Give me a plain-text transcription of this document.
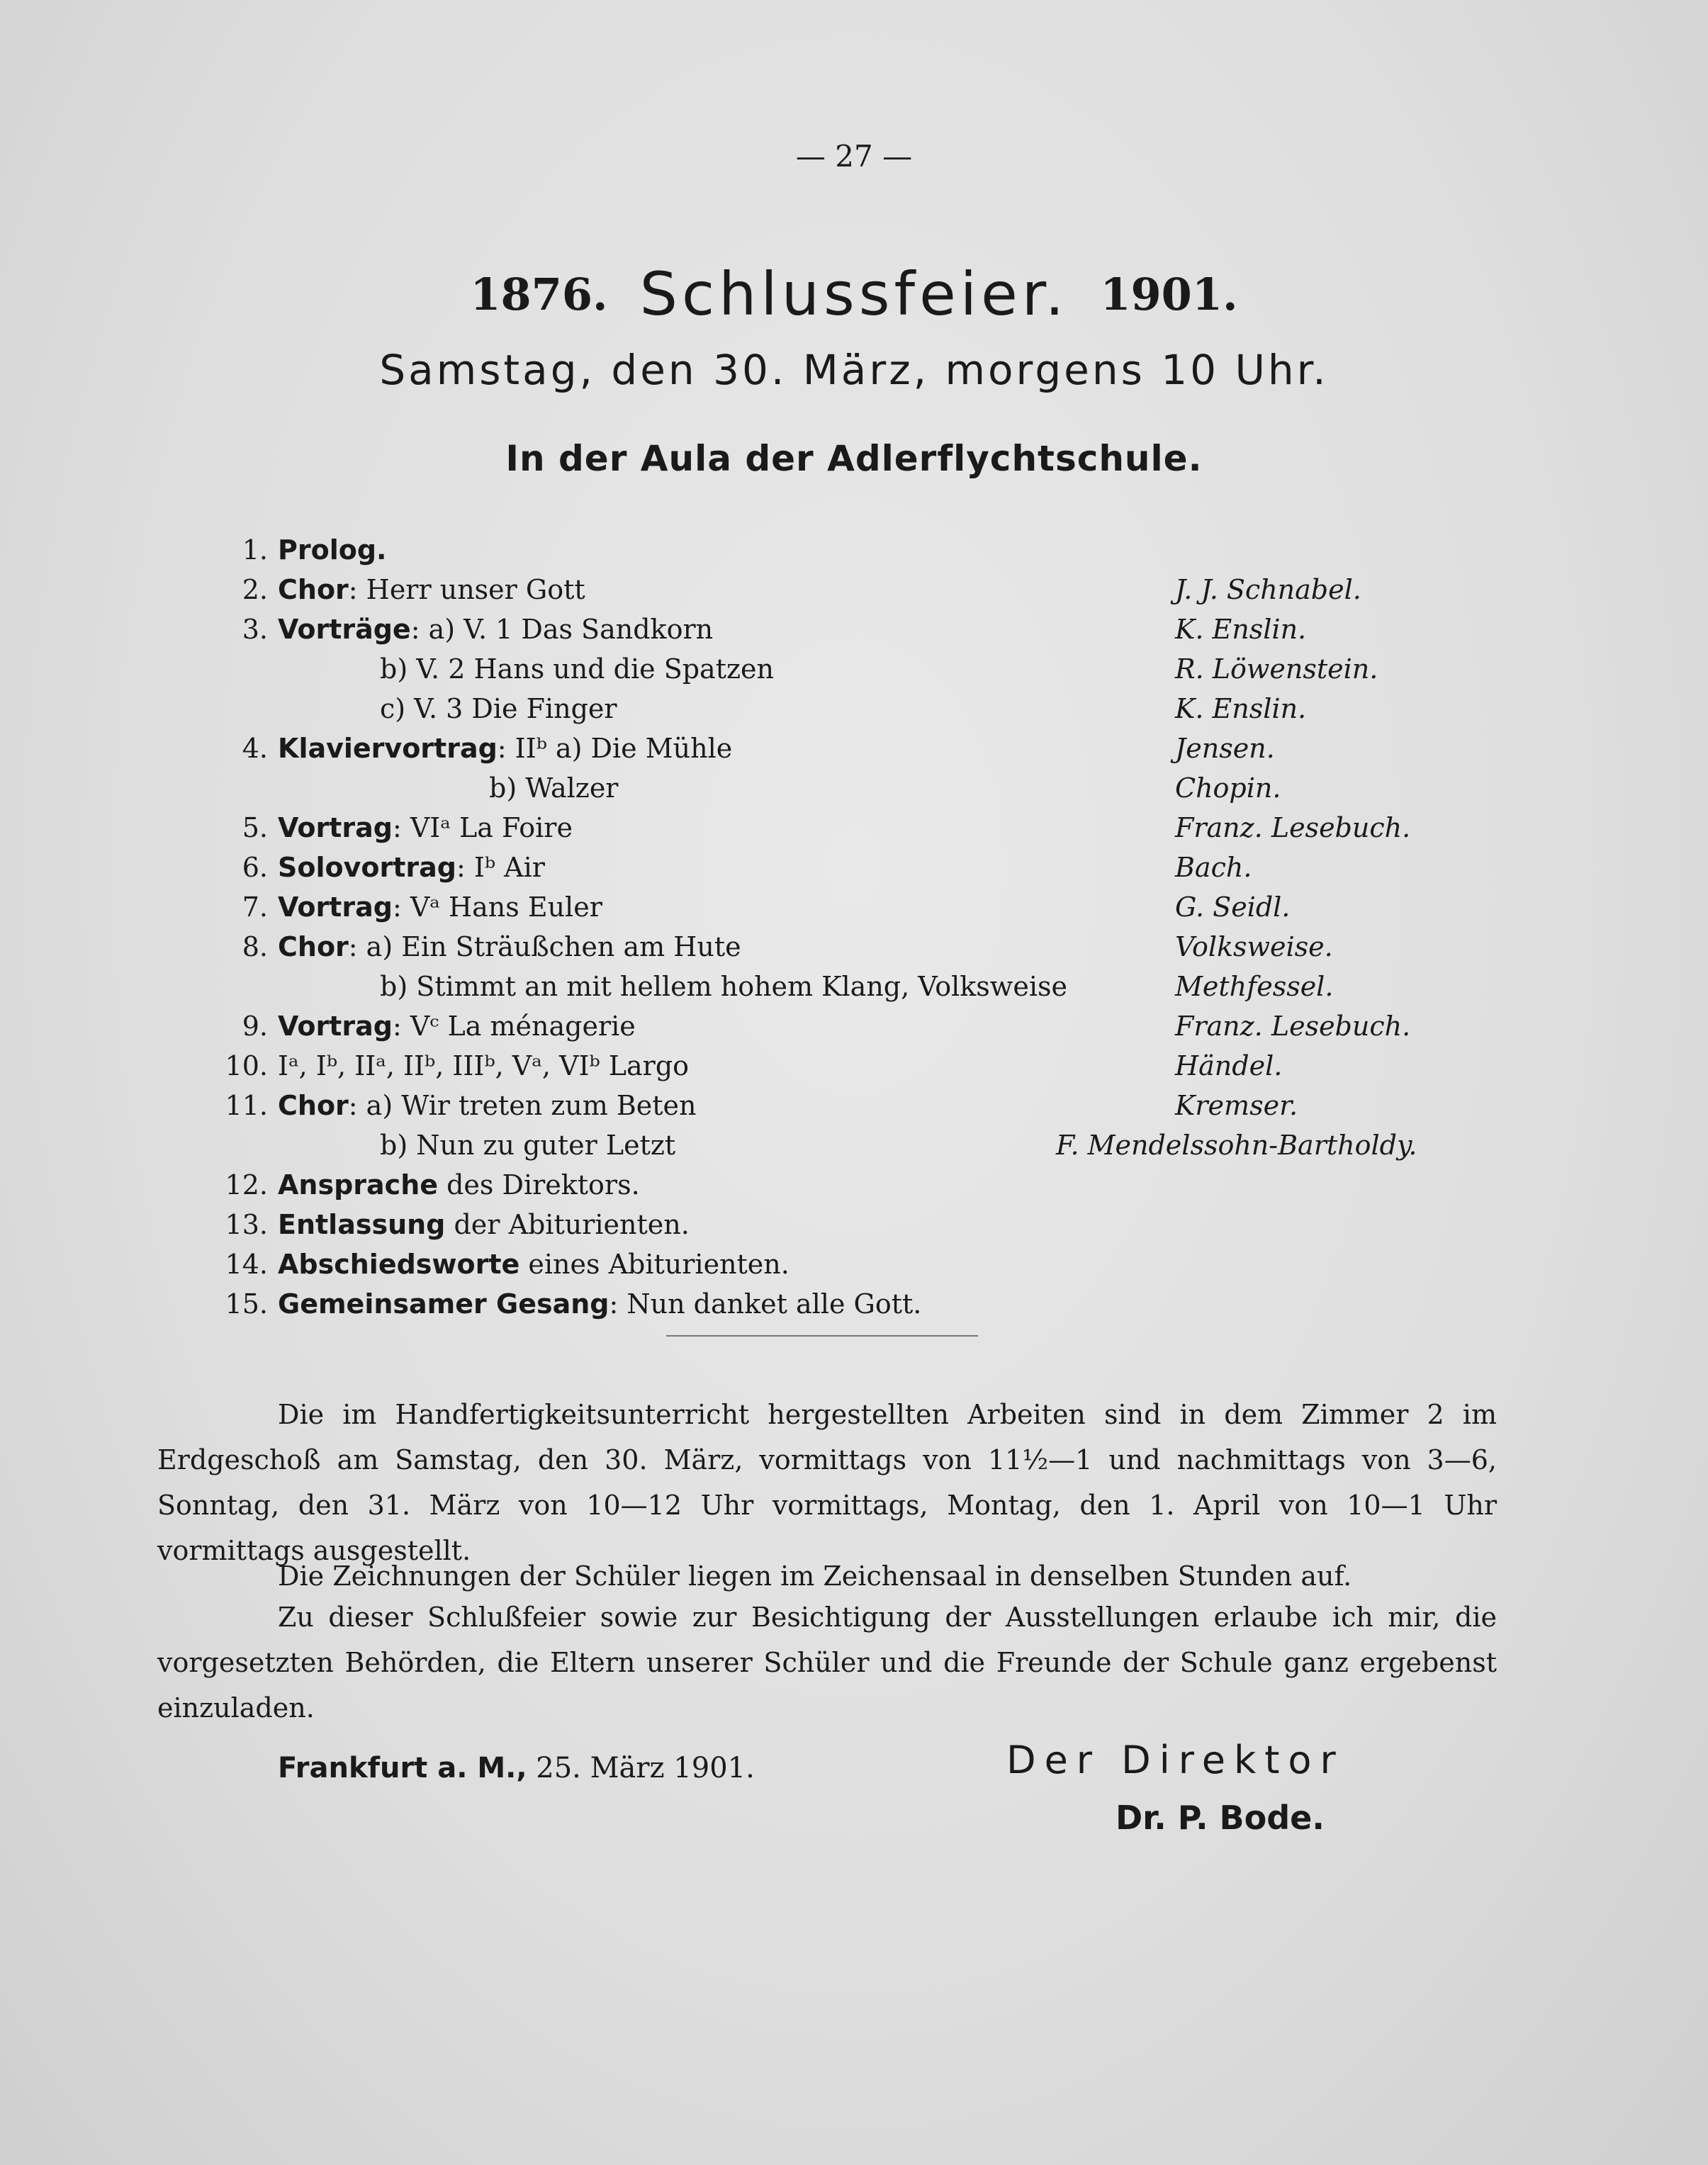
— 27 —
1876. Schlussfeier. 1901.
Samstag, den 30. März, morgens 10 Uhr.
In der Aula der Adlerflychtschule.
1. Prolog.
2. Chor: Herr unser Gott	J. J. Schnabel.
3. Vorträge: a) V. 1 Das Sandkorn	K. Enslin.
b) V. 2 Hans und die Spatzen	R. Löwenstein.
c) V. 3 Die Finger	K. Enslin.
4. Klaviervortrag: IIᵇ a) Die Mühle	Jensen.
b) Walzer	Chopin.
5. Vortrag: VIᵃ La Foire	Franz. Lesebuch.
6. Solovortrag: Iᵇ Air	Bach.
7. Vortrag: Vᵃ Hans Euler	G. Seidl.
8. Chor: a) Ein Sträußchen am Hute	Volksweise.
b) Stimmt an mit hellem hohem Klang, Volksweise	Methfessel.
9. Vortrag: Vᶜ La ménagerie	Franz. Lesebuch.
10. Iᵃ, Iᵇ, IIᵃ, IIᵇ, IIIᵇ, Vᵃ, VIᵇ Largo	Händel.
11. Chor: a) Wir treten zum Beten	Kremser.
b) Nun zu guter Letzt	F. Mendelssohn-Bartholdy.
12. Ansprache des Direktors.
13. Entlassung der Abiturienten.
14. Abschiedsworte eines Abiturienten.
15. Gemeinsamer Gesang: Nun danket alle Gott.

Die im Handfertigkeitsunterricht hergestellten Arbeiten sind in dem Zimmer 2 im Erdgeschoß am Samstag, den 30. März, vormittags von 11½—1 und nachmittags von 3—6, Sonntag, den 31. März von 10—12 Uhr vormittags, Montag, den 1. April von 10—1 Uhr vormittags ausgestellt.

Die Zeichnungen der Schüler liegen im Zeichensaal in denselben Stunden auf.

Zu dieser Schlußfeier sowie zur Besichtigung der Ausstellungen erlaube ich mir, die vorgesetzten Behörden, die Eltern unserer Schüler und die Freunde der Schule ganz ergebenst einzuladen.

Frankfurt a. M., 25. März 1901.	Der Direktor
Dr. P. Bode.
